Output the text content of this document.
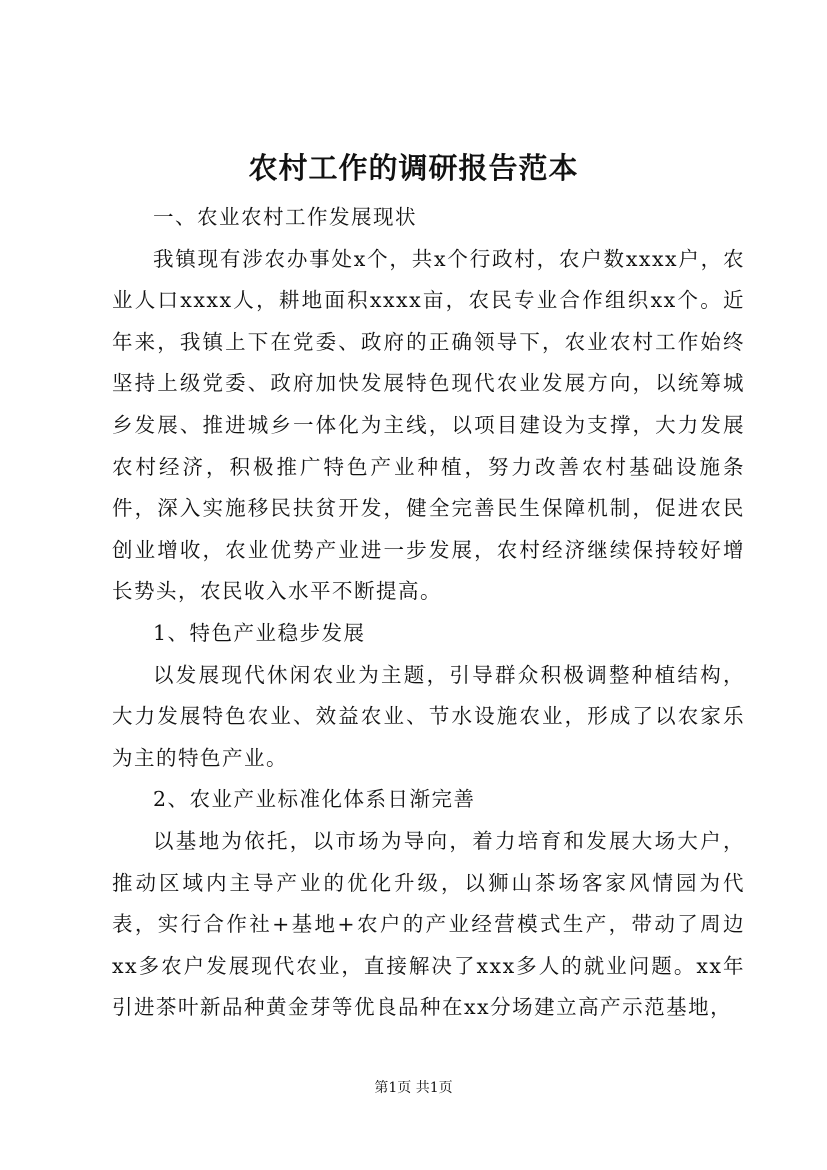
农村工作的调研报告范本

一、农业农村工作发展现状

我镇现有涉农办事处x个，共x个行政村，农户数xxxx户，农业人口xxxx人，耕地面积xxxx亩，农民专业合作组织xx个。近年来，我镇上下在党委、政府的正确领导下，农业农村工作始终坚持上级党委、政府加快发展特色现代农业发展方向，以统筹城乡发展、推进城乡一体化为主线，以项目建设为支撑，大力发展农村经济，积极推广特色产业种植，努力改善农村基础设施条件，深入实施移民扶贫开发，健全完善民生保障机制，促进农民创业增收，农业优势产业进一步发展，农村经济继续保持较好增长势头，农民收入水平不断提高。

1、特色产业稳步发展

以发展现代休闲农业为主题，引导群众积极调整种植结构，大力发展特色农业、效益农业、节水设施农业，形成了以农家乐为主的特色产业。

2、农业产业标准化体系日渐完善

以基地为依托，以市场为导向，着力培育和发展大场大户，推动区域内主导产业的优化升级，以狮山茶场客家风情园为代表，实行合作社+基地+农户的产业经营模式生产，带动了周边xx多农户发展现代农业，直接解决了xxx多人的就业问题。xx年引进茶叶新品种黄金芽等优良品种在xx分场建立高产示范基地，

第1页 共1页
